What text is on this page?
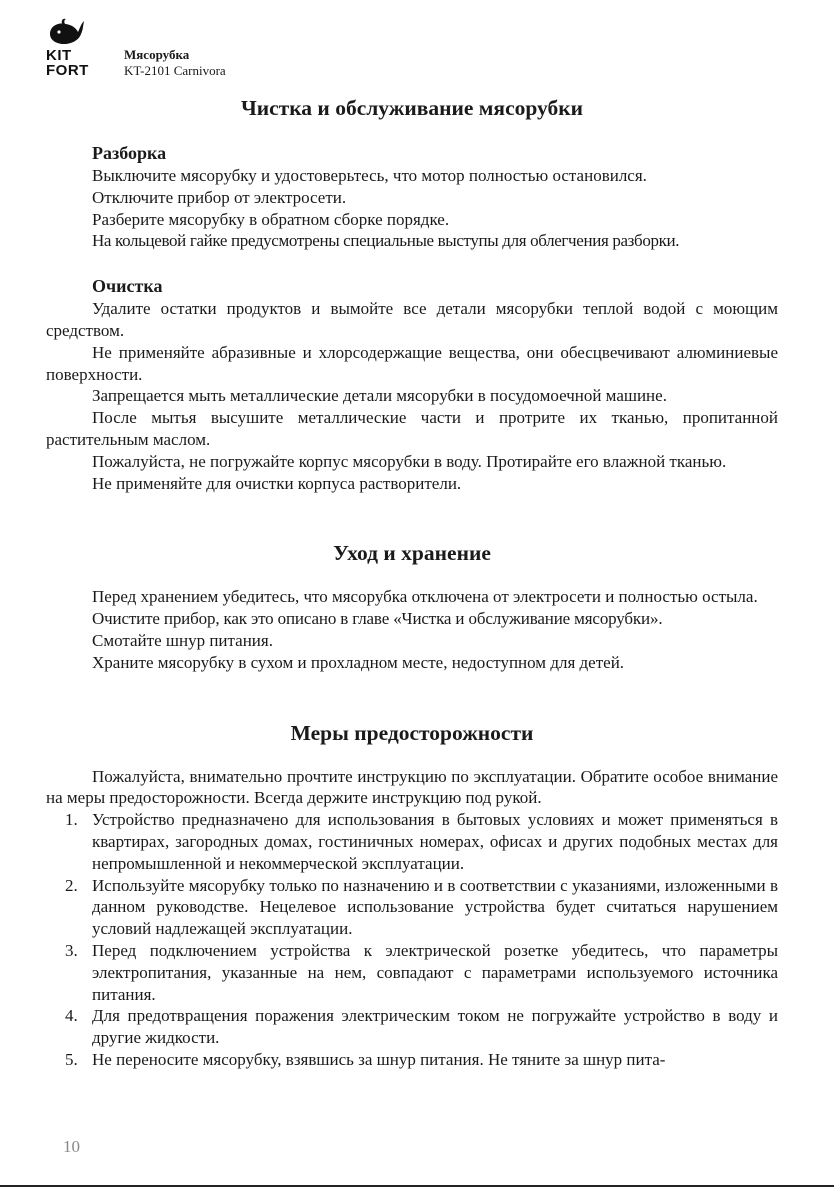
KIT
FORT
Мясорубка
KT-2101 Carnivora
Чистка и обслуживание мясорубки
Разборка

Выключите мясорубку и удостоверьтесь, что мотор полностью остановился.

Отключите прибор от электросети.

Разберите мясорубку в обратном сборке порядке.

На кольцевой гайке предусмотрены специальные выступы для облегчения разборки.

Очистка

Удалите остатки продуктов и вымойте все детали мясорубки теплой водой с моющим средством.

Не применяйте абразивные и хлорсодержащие вещества, они обесцвечивают алюминиевые поверхности.

Запрещается мыть металлические детали мясорубки в посудомоечной машине.

После мытья высушите металлические части и протрите их тканью, пропитанной растительным маслом.

Пожалуйста, не погружайте корпус мясорубки в воду. Протирайте его влажной тканью.

Не применяйте для очистки корпуса растворители.

Уход и хранение

Перед хранением убедитесь, что мясорубка отключена от электросети и полностью остыла.

Очистите прибор, как это описано в главе «Чистка и обслуживание мясорубки».

Смотайте шнур питания.

Храните мясорубку в сухом и прохладном месте, недоступном для детей.

Меры предосторожности

Пожалуйста, внимательно прочтите инструкцию по эксплуатации. Обратите особое внимание на меры предосторожности. Всегда держите инструкцию под рукой.

1. Устройство предназначено для использования в бытовых условиях и может применяться в квартирах, загородных домах, гостиничных номерах, офисах и других подобных местах для непромышленной и некоммерческой эксплуатации.
2. Используйте мясорубку только по назначению и в соответствии с указаниями, изложенными в данном руководстве. Нецелевое использование устройства будет считаться нарушением условий надлежащей эксплуатации.
3. Перед подключением устройства к электрической розетке убедитесь, что параметры электропитания, указанные на нем, совпадают с параметрами используемого источника питания.
4. Для предотвращения поражения электрическим током не погружайте устройство в воду и другие жидкости.
5. Не переносите мясорубку, взявшись за шнур питания. Не тяните за шнур пита-
10
